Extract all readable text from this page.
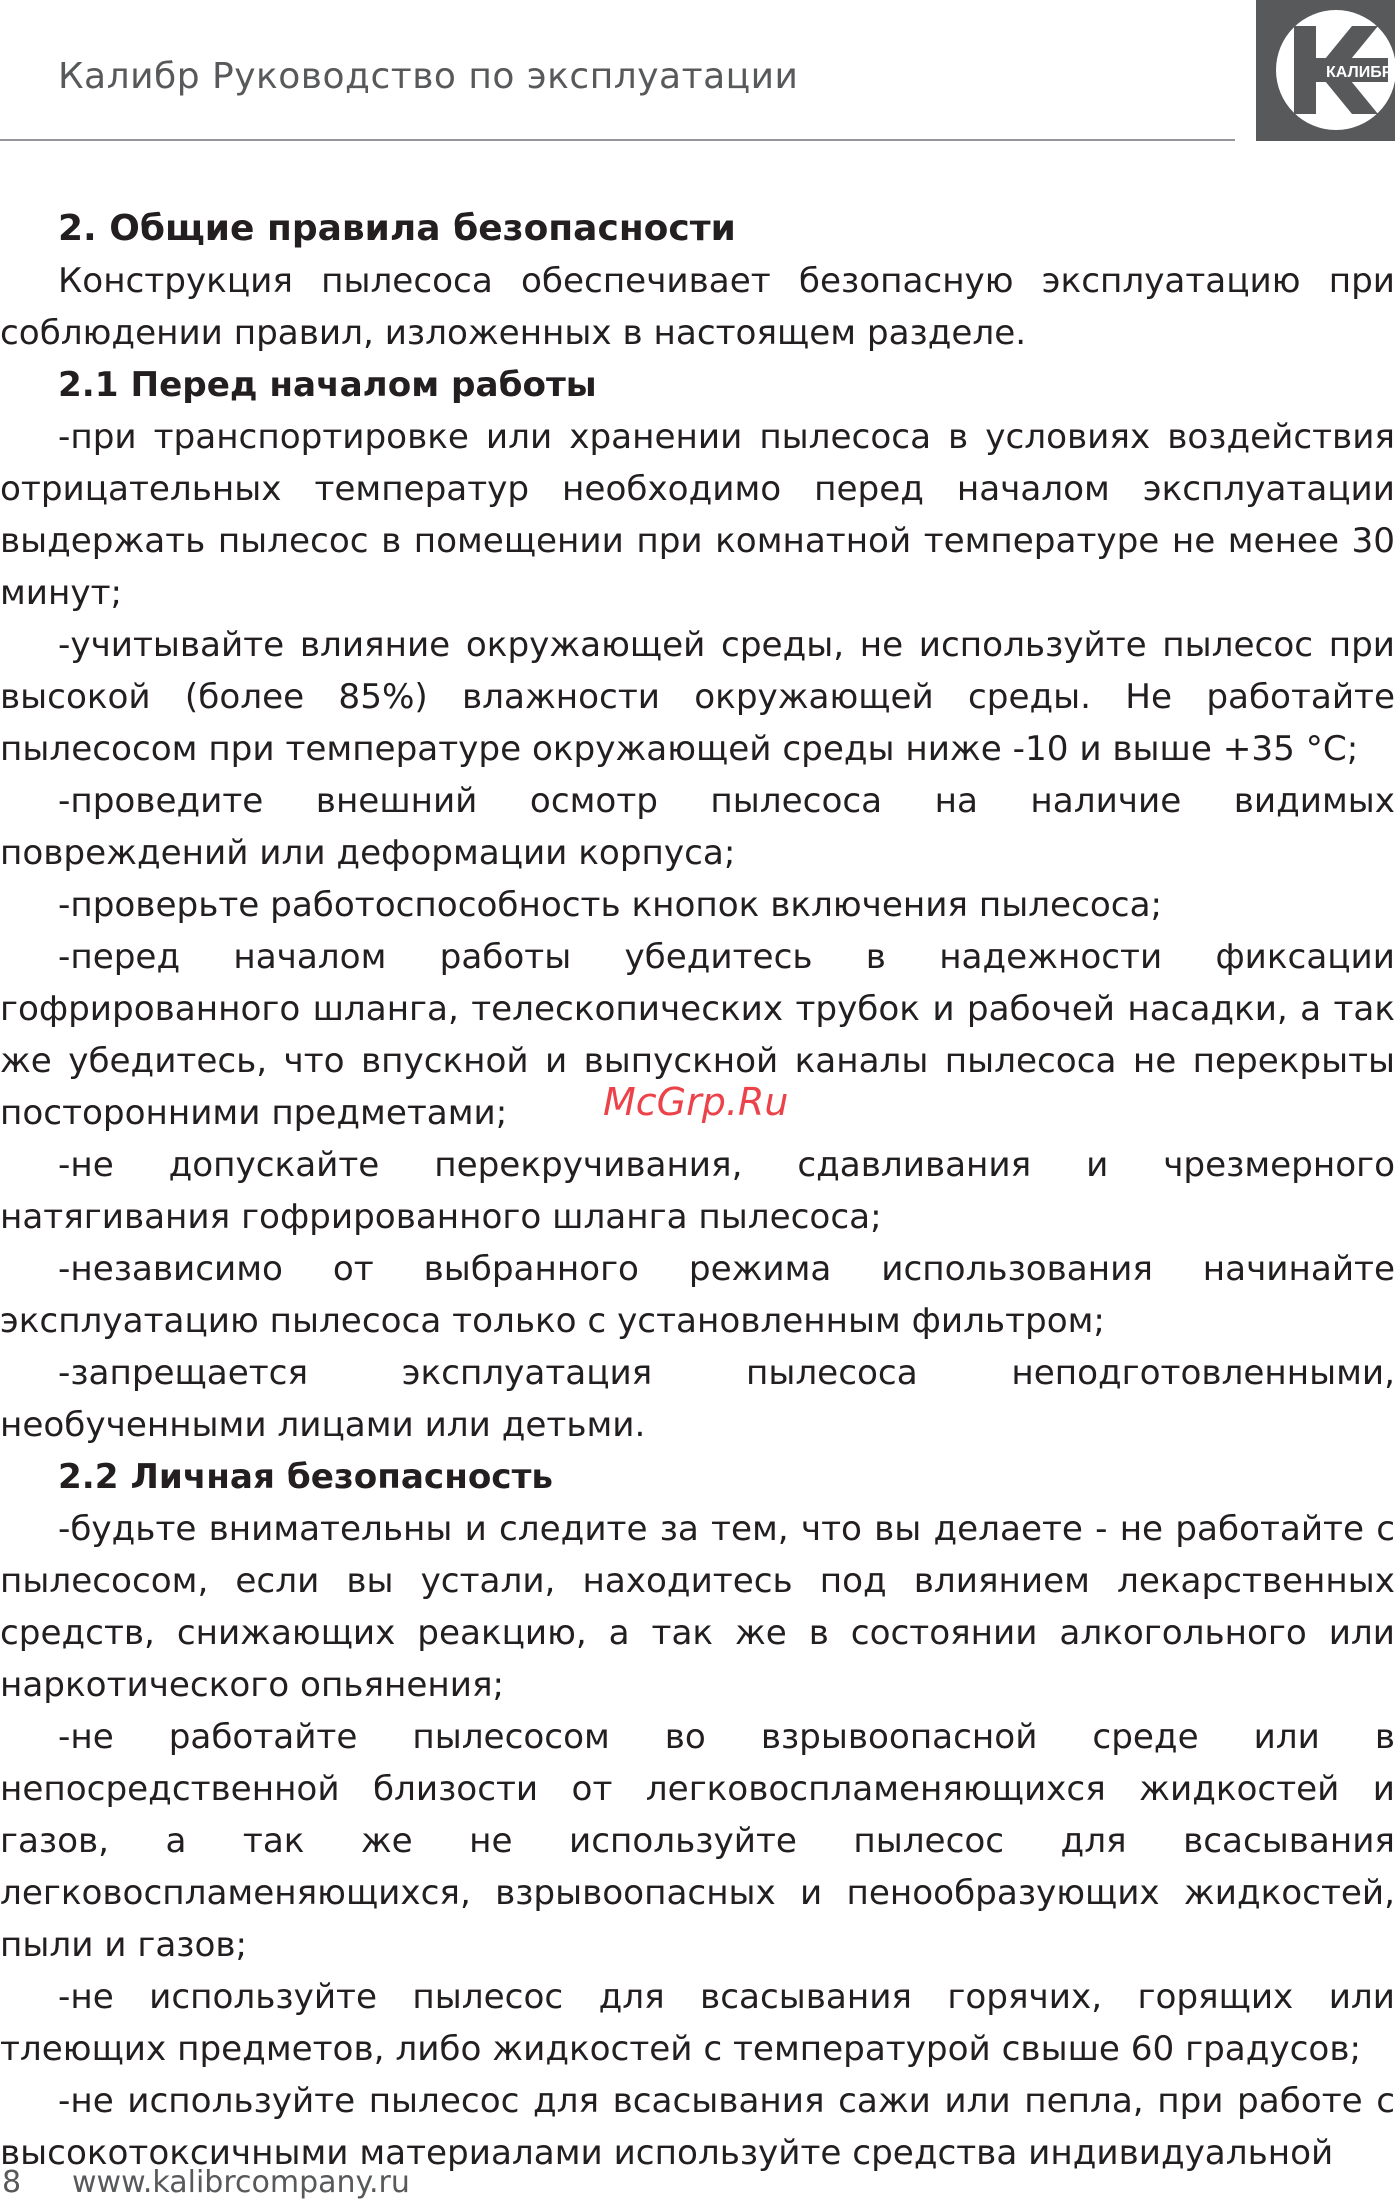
Калибр Руководство по эксплуатации	КАЛИБР
2. Общие правила безопасности

Конструкция пылесоса обеспечивает безопасную эксплуатацию при соблюдении правил, изложенных в настоящем разделе.

2.1 Перед началом работы

-при транспортировке или хранении пылесоса в условиях воздействия отрицательных температур необходимо перед началом эксплуатации выдержать пылесос в помещении при комнатной температуре не менее 30 минут;

-учитывайте влияние окружающей среды, не используйте пылесос при высокой (более 85%) влажности окружающей среды. Не работайте пылесосом при температуре окружающей среды ниже -10 и выше +35 °С;

-проведите внешний осмотр пылесоса на наличие видимых повреждений или деформации корпуса;

-проверьте работоспособность кнопок включения пылесоса;

-перед началом работы убедитесь в надежности фиксации гофрированного шланга, телескопических трубок и рабочей насадки, а так же убедитесь, что впускной и выпускной каналы пылесоса не перекрыты посторонними предметами;

-не допускайте перекручивания, сдавливания и чрезмерного натягивания гофрированного шланга пылесоса;

-независимо от выбранного режима использования начинайте эксплуатацию пылесоса только с установленным фильтром;

-запрещается эксплуатация пылесоса неподготовленными, необученными лицами или детьми.

2.2 Личная безопасность

-будьте внимательны и следите за тем, что вы делаете - не работайте с пылесосом, если вы устали, находитесь под влиянием лекарственных средств, снижающих реакцию, а так же в состоянии алкогольного или наркотического опьянения;

-не работайте пылесосом во взрывоопасной среде или в непосредственной близости от легковоспламеняющихся жидкостей и газов, а так же не используйте пылесос для всасывания легковоспламеняющихся, взрывоопасных и пенообразующих жидкостей, пыли и газов;

-не используйте пылесос для всасывания горячих, горящих или тлеющих предметов, либо жидкостей с температурой свыше 60 градусов;

-не используйте пылесос для всасывания сажи или пепла, при работе с высокотоксичными материалами используйте средства индивидуальной

McGrp.Ru
8 www.kalibrcompany.ru
